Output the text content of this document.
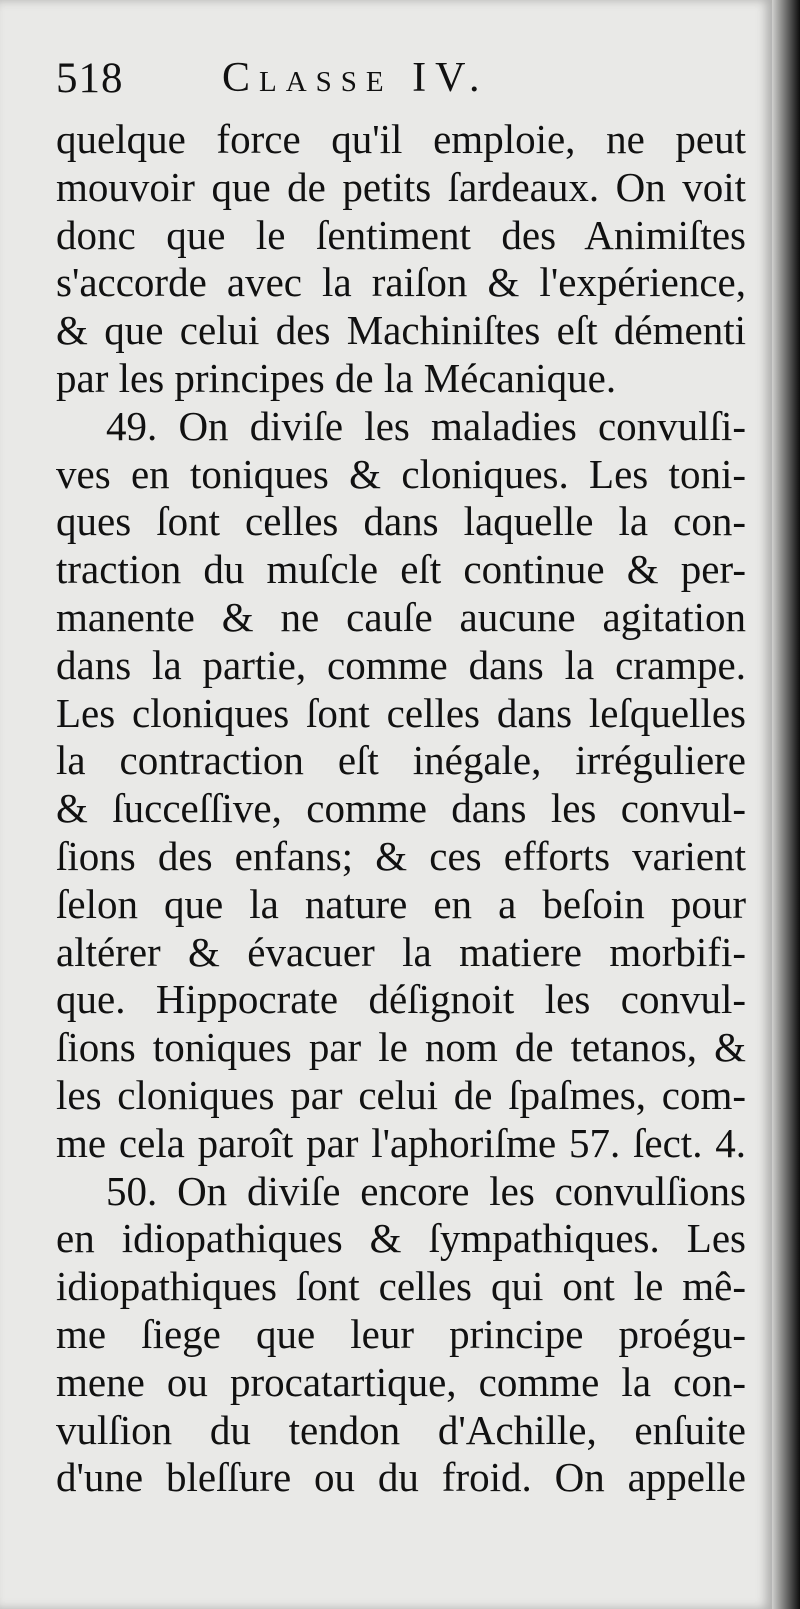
518 Classe IV.
quelque force qu'il emploie, ne peut
mouvoir que de petits ſardeaux. On voit
donc que le ſentiment des Animiſtes
s'accorde avec la raiſon & l'expérience,
& que celui des Machiniſtes eſt démenti
par les principes de la Mécanique.
49. On diviſe les maladies convulſi-
ves en toniques & cloniques. Les toni-
ques ſont celles dans laquelle la con-
traction du muſcle eſt continue & per-
manente & ne cauſe aucune agitation
dans la partie, comme dans la crampe.
Les cloniques ſont celles dans leſquelles
la contraction eſt inégale, irréguliere
& ſucceſſive, comme dans les convul-
ſions des enfans; & ces efforts varient
ſelon que la nature en a beſoin pour
altérer & évacuer la matiere morbifi-
que. Hippocrate déſignoit les convul-
ſions toniques par le nom de tetanos, &
les cloniques par celui de ſpaſmes, com-
me cela paroît par l'aphoriſme 57. ſect. 4.
50. On diviſe encore les convulſions
en idiopathiques & ſympathiques. Les
idiopathiques ſont celles qui ont le mê-
me ſiege que leur principe proégu-
mene ou procatartique, comme la con-
vulſion du tendon d'Achille, enſuite
d'une bleſſure ou du froid. On appelle
